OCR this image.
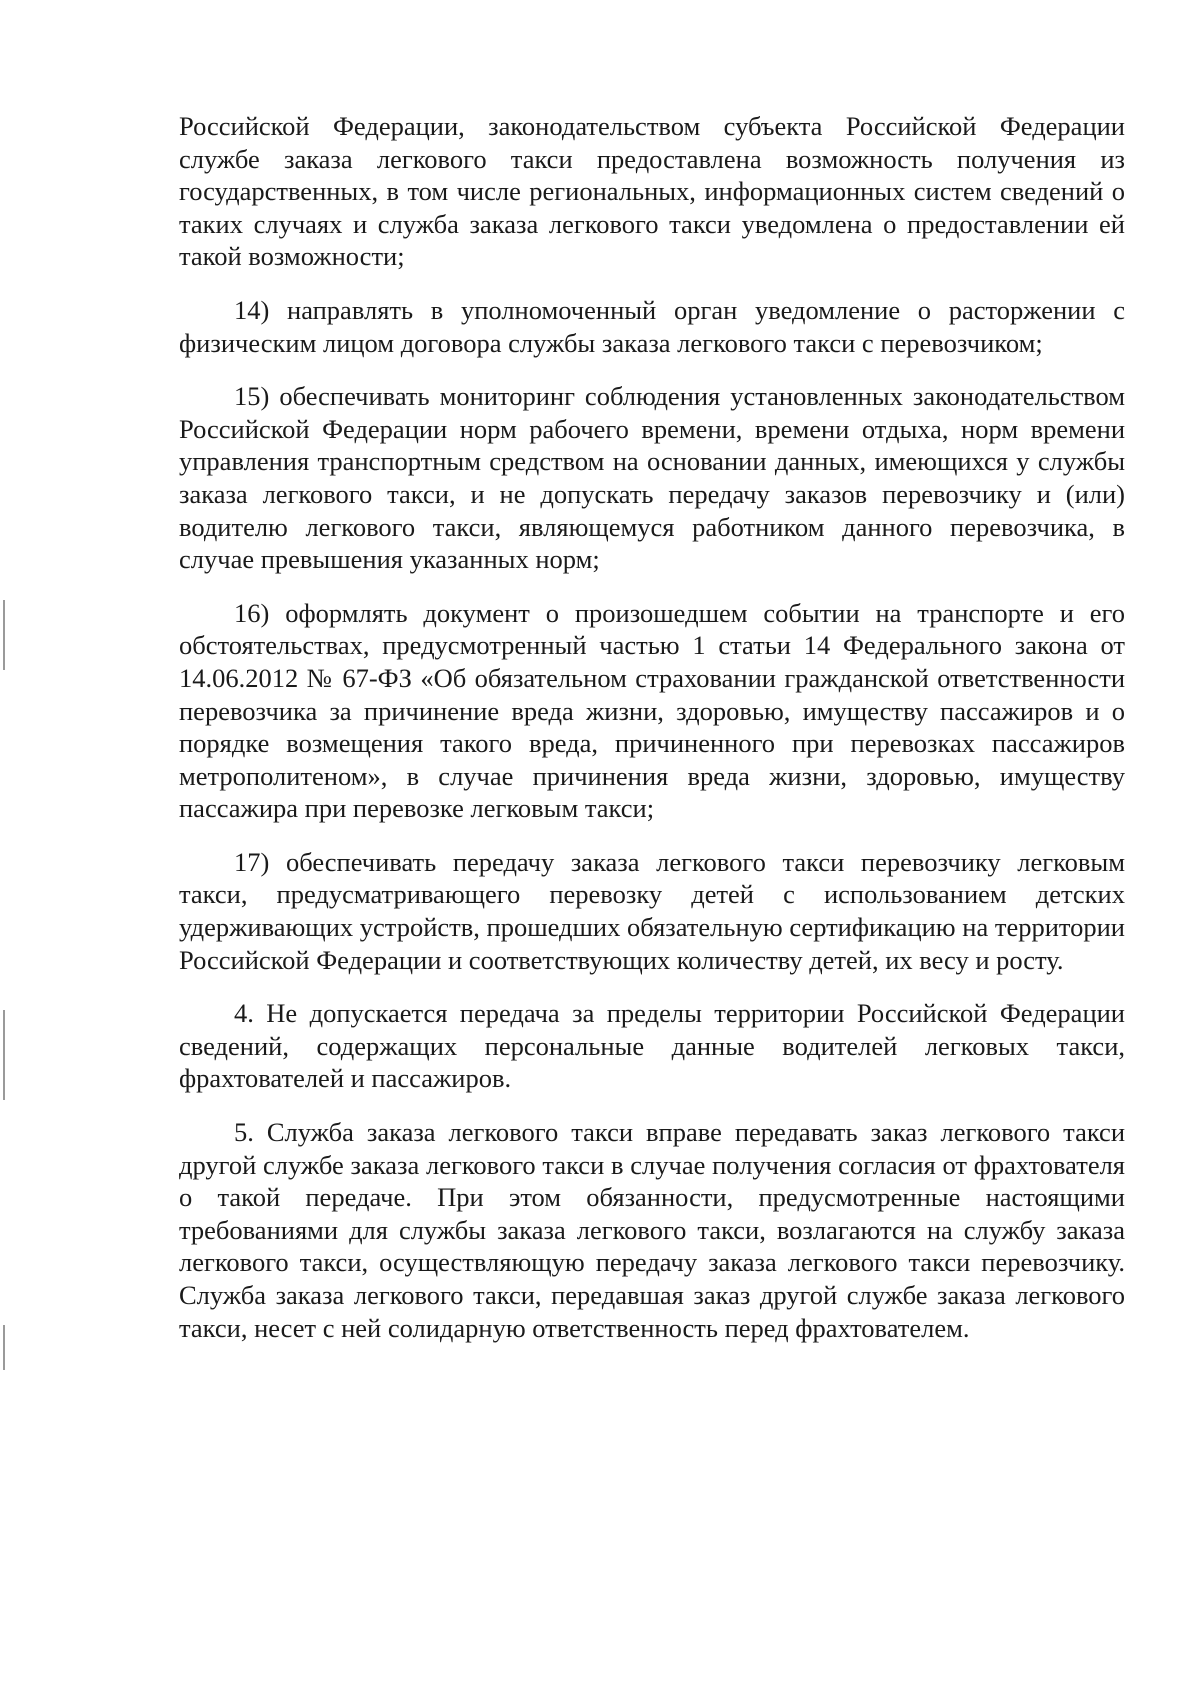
Российской Федерации, законодательством субъекта Российской Федерации службе заказа легкового такси предоставлена возможность получения из государственных, в том числе региональных, информационных систем сведений о таких случаях и служба заказа легкового такси уведомлена о предоставлении ей такой возможности;

14) направлять в уполномоченный орган уведомление о расторжении с физическим лицом договора службы заказа легкового такси с перевозчиком;

15) обеспечивать мониторинг соблюдения установленных законодательством Российской Федерации норм рабочего времени, времени отдыха, норм времени управления транспортным средством на основании данных, имеющихся у службы заказа легкового такси, и не допускать передачу заказов перевозчику и (или) водителю легкового такси, являющемуся работником данного перевозчика, в случае превышения указанных норм;

16) оформлять документ о произошедшем событии на транспорте и его обстоятельствах, предусмотренный частью 1 статьи 14 Федерального закона от 14.06.2012 № 67-ФЗ «Об обязательном страховании гражданской ответственности перевозчика за причинение вреда жизни, здоровью, имуществу пассажиров и о порядке возмещения такого вреда, причиненного при перевозках пассажиров метрополитеном», в случае причинения вреда жизни, здоровью, имуществу пассажира при перевозке легковым такси;

17) обеспечивать передачу заказа легкового такси перевозчику легковым такси, предусматривающего перевозку детей с использованием детских удерживающих устройств, прошедших обязательную сертификацию на территории Российской Федерации и соответствующих количеству детей, их весу и росту.

4. Не допускается передача за пределы территории Российской Федерации сведений, содержащих персональные данные водителей легковых такси, фрахтователей и пассажиров.

5. Служба заказа легкового такси вправе передавать заказ легкового такси другой службе заказа легкового такси в случае получения согласия от фрахтователя о такой передаче. При этом обязанности, предусмотренные настоящими требованиями для службы заказа легкового такси, возлагаются на службу заказа легкового такси, осуществляющую передачу заказа легкового такси перевозчику. Служба заказа легкового такси, передавшая заказ другой службе заказа легкового такси, несет с ней солидарную ответственность перед фрахтователем.
